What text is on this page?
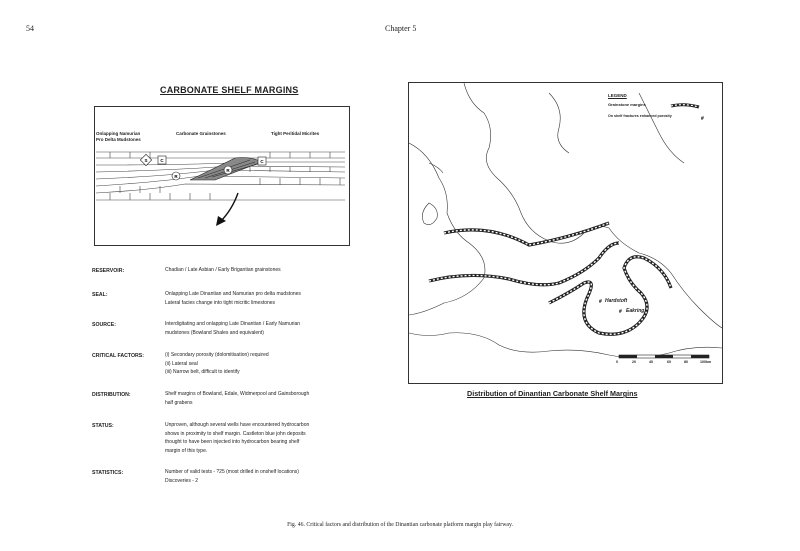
54	Chapter 5
CARBONATE SHELF MARGINS
Onlapping Namurian
Pro Delta Mudstones
Carbonate Grainstones	Tight Peritidal Micrites
S	C
R
R
C
RESERVOIR:	Chadian / Late Asbian / Early Brigantian grainstones
SEAL:	Onlapping Late Dinantian and Namurian pro delta mudstones
Lateral facies change into tight micritic limestones
SOURCE:	Interdigitating and onlapping Late Dinantian / Early Namurian
mudstones (Bowland Shales and equivalent)
CRITICAL FACTORS:	(i) Secondary porosity (dolomitisation) required
(ii) Lateral seal
(iii) Narrow belt, difficult to identify
DISTRIBUTION:	Shelf margins of Bowland, Edale, Widmerpool and Gainsborough
half grabens
STATUS:	Unproven, although several wells have encountered hydrocarbon
shows in proximity to shelf margin. Castleton blue john deposits
thought to have been injected into hydrocarbon bearing shelf
margin of this type.
STATISTICS:	Number of valid tests - ?25 (most drilled in onshelf locations)
Discoveries - 2
#
#
#
LEGEND
Grainstone margins
On shelf fractures enhanced porosity
Hardstoft
Eakring
0	20	40	60	80	100km
Distribution of Dinantian Carbonate Shelf Margins
Fig. 46. Critical factors and distribution of the Dinantian carbonate platform margin play fairway.
